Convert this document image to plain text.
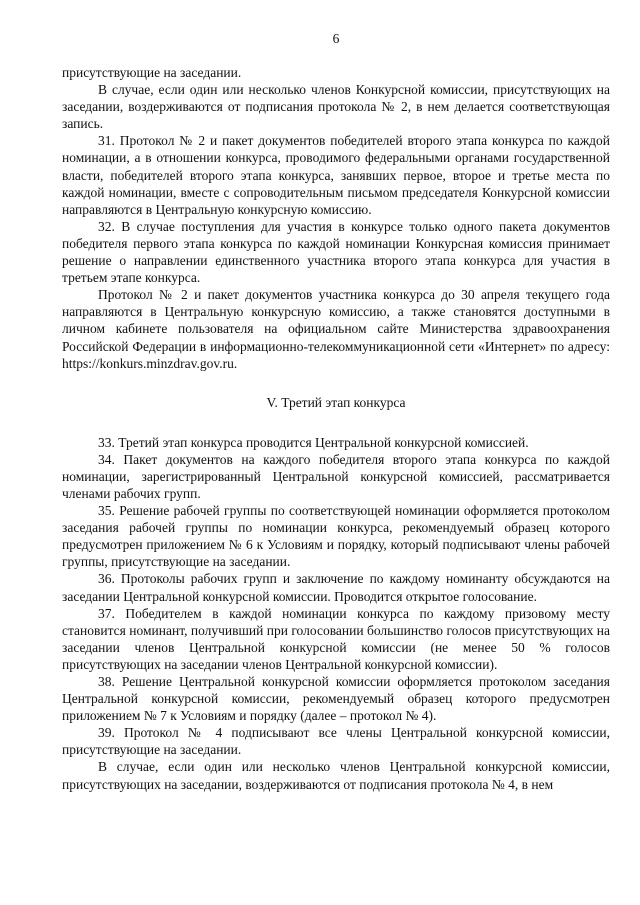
6

присутствующие на заседании.

В случае, если один или несколько членов Конкурсной комиссии, присутствующих на заседании, воздерживаются от подписания протокола № 2, в нем делается соответствующая запись.

31. Протокол № 2 и пакет документов победителей второго этапа конкурса по каждой номинации, а в отношении конкурса, проводимого федеральными органами государственной власти, победителей второго этапа конкурса, занявших первое, второе и третье места по каждой номинации, вместе с сопроводительным письмом председателя Конкурсной комиссии направляются в Центральную конкурсную комиссию.

32. В случае поступления для участия в конкурсе только одного пакета документов победителя первого этапа конкурса по каждой номинации Конкурсная комиссия принимает решение о направлении единственного участника второго этапа конкурса для участия в третьем этапе конкурса.

Протокол № 2 и пакет документов участника конкурса до 30 апреля текущего года направляются в Центральную конкурсную комиссию, а также становятся доступными в личном кабинете пользователя на официальном сайте Министерства здравоохранения Российской Федерации в информационно-телекоммуникационной сети «Интернет» по адресу: https://konkurs.minzdrav.gov.ru.

V. Третий этап конкурса

33. Третий этап конкурса проводится Центральной конкурсной комиссией.

34. Пакет документов на каждого победителя второго этапа конкурса по каждой номинации, зарегистрированный Центральной конкурсной комиссией, рассматривается членами рабочих групп.

35. Решение рабочей группы по соответствующей номинации оформляется протоколом заседания рабочей группы по номинации конкурса, рекомендуемый образец которого предусмотрен приложением № 6 к Условиям и порядку, который подписывают члены рабочей группы, присутствующие на заседании.

36. Протоколы рабочих групп и заключение по каждому номинанту обсуждаются на заседании Центральной конкурсной комиссии. Проводится открытое голосование.

37. Победителем в каждой номинации конкурса по каждому призовому месту становится номинант, получивший при голосовании большинство голосов присутствующих на заседании членов Центральной конкурсной комиссии (не менее 50 % голосов присутствующих на заседании членов Центральной конкурсной комиссии).

38. Решение Центральной конкурсной комиссии оформляется протоколом заседания Центральной конкурсной комиссии, рекомендуемый образец которого предусмотрен приложением № 7 к Условиям и порядку (далее – протокол № 4).

39. Протокол № 4 подписывают все члены Центральной конкурсной комиссии, присутствующие на заседании.

В случае, если один или несколько членов Центральной конкурсной комиссии, присутствующих на заседании, воздерживаются от подписания протокола № 4, в нем
